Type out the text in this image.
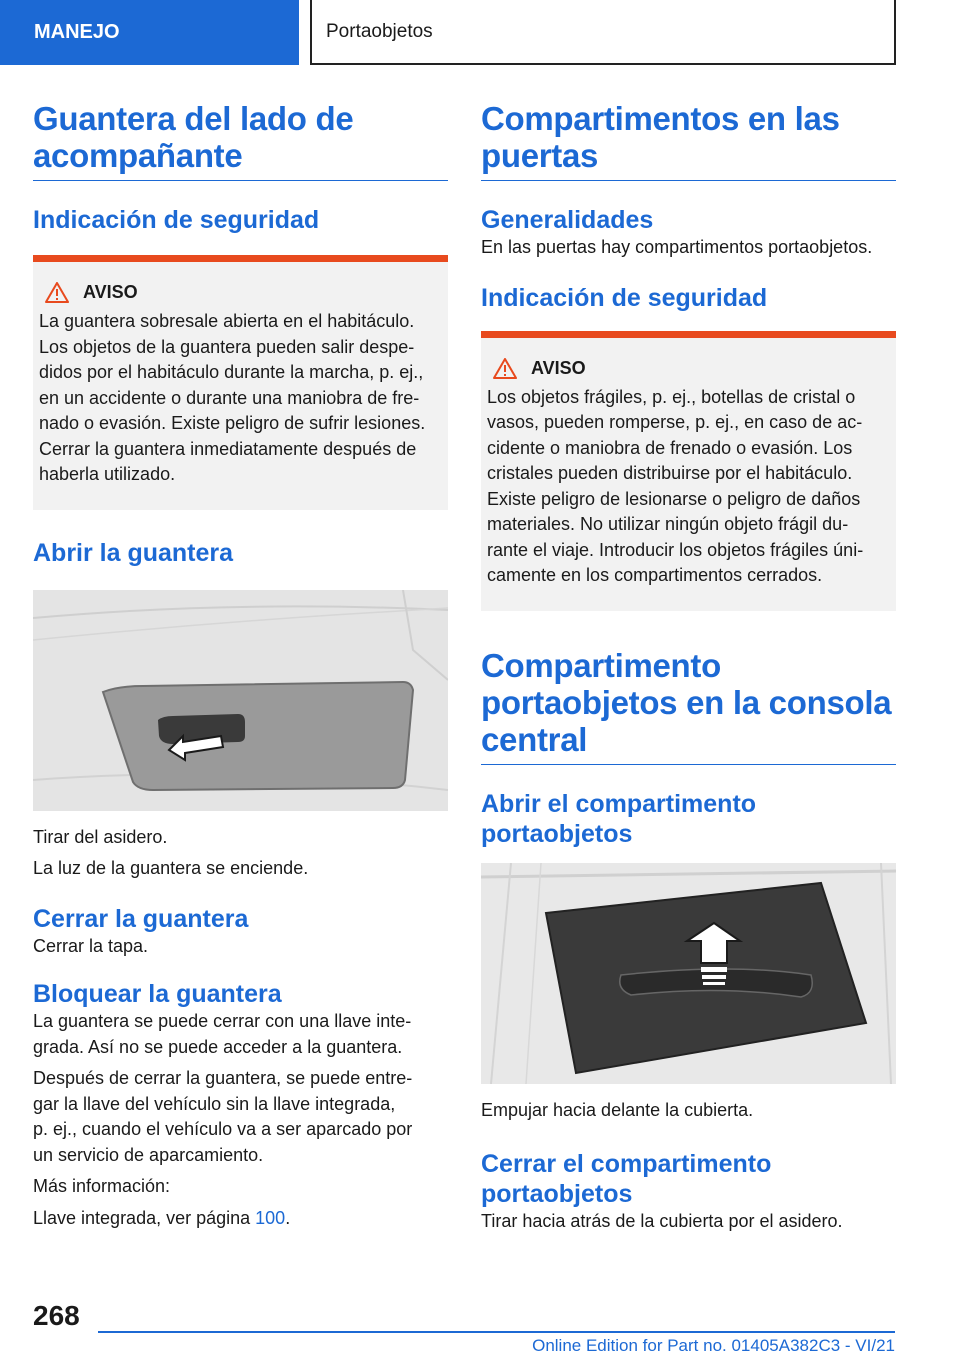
MANEJO	Portaobjetos
Guantera del lado de acompañante
Indicación de seguridad
AVISO

La guantera sobresale abierta en el habitáculo.

Los objetos de la guantera pueden salir despe-

didos por el habitáculo durante la marcha, p. ej.,

en un accidente o durante una maniobra de fre-

nado o evasión. Existe peligro de sufrir lesiones.

Cerrar la guantera inmediatamente después de

haberla utilizado.

Abrir la guantera

Tirar del asidero.

La luz de la guantera se enciende.

Cerrar la guantera

Cerrar la tapa.

Bloquear la guantera

La guantera se puede cerrar con una llave inte-

grada. Así no se puede acceder a la guantera.

Después de cerrar la guantera, se puede entre-

gar la llave del vehículo sin la llave integrada,

p. ej., cuando el vehículo va a ser aparcado por

un servicio de aparcamiento.

Más información:

Llave integrada, ver página 100.

Compartimentos en las puertas
Generalidades

En las puertas hay compartimentos portaobjetos.

Indicación de seguridad
AVISO

Los objetos frágiles, p. ej., botellas de cristal o

vasos, pueden romperse, p. ej., en caso de ac-

cidente o maniobra de frenado o evasión. Los

cristales pueden distribuirse por el habitáculo.

Existe peligro de lesionarse o peligro de daños

materiales. No utilizar ningún objeto frágil du-

rante el viaje. Introducir los objetos frágiles úni-

camente en los compartimentos cerrados.

Compartimento portaobjetos en la consola central
Abrir el compartimento portaobjetos

Empujar hacia delante la cubierta.

Cerrar el compartimento portaobjetos

Tirar hacia atrás de la cubierta por el asidero.

268
Online Edition for Part no. 01405A382C3 - VI/21
